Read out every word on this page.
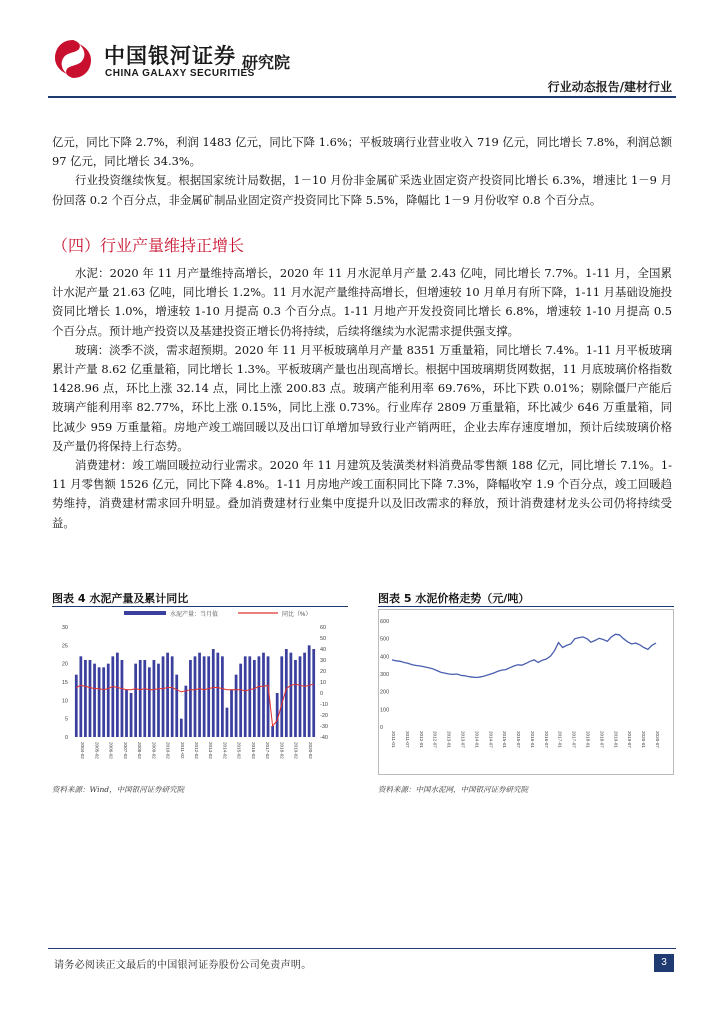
中国银河证券
CHINA GALAXY SECURITIES
研究院
行业动态报告/建材行业

亿元，同比下降 2.7%，利润 1483 亿元，同比下降 1.6%；平板玻璃行业营业收入 719 亿元，同比增长 7.8%，利润总额 97 亿元，同比增长 34.3%。

行业投资继续恢复。根据国家统计局数据，1－10 月份非金属矿采选业固定资产投资同比增长 6.3%，增速比 1－9 月份回落 0.2 个百分点，非金属矿制品业固定资产投资同比下降 5.5%，降幅比 1－9 月份收窄 0.8 个百分点。

（四）行业产量维持正增长

水泥：2020 年 11 月产量维持高增长，2020 年 11 月水泥单月产量 2.43 亿吨，同比增长 7.7%。1-11 月，全国累计水泥产量 21.63 亿吨，同比增长 1.2%。11 月水泥产量维持高增长，但增速较 10 月单月有所下降，1-11 月基础设施投资同比增长 1.0%，增速较 1-10 月提高 0.3 个百分点。1-11 月地产开发投资同比增长 6.8%，增速较 1-10 月提高 0.5 个百分点。预计地产投资以及基建投资正增长仍将持续，后续将继续为水泥需求提供强支撑。

玻璃：淡季不淡，需求超预期。2020 年 11 月平板玻璃单月产量 8351 万重量箱，同比增长 7.4%。1-11 月平板玻璃累计产量 8.62 亿重量箱，同比增长 1.3%。平板玻璃产量也出现高增长。根据中国玻璃期货网数据，11 月底玻璃价格指数 1428.96 点，环比上涨 32.14 点，同比上涨 200.83 点。玻璃产能利用率 69.76%，环比下跌 0.01%；剔除僵尸产能后玻璃产能利用率 82.77%，环比上涨 0.15%，同比上涨 0.73%。行业库存 2809 万重量箱，环比减少 646 万重量箱，同比减少 959 万重量箱。房地产竣工端回暖以及出口订单增加导致行业产销两旺，企业去库存速度增加，预计后续玻璃价格及产量仍将保持上行态势。

消费建材：竣工端回暖拉动行业需求。2020 年 11 月建筑及装潢类材料消费品零售额 188 亿元，同比增长 7.1%。1-11 月零售额 1526 亿元，同比下降 4.8%。1-11 月房地产竣工面积同比下降 7.3%，降幅收窄 1.9 个百分点，竣工回暖趋势维持，消费建材需求回升明显。叠加消费建材行业集中度提升以及旧改需求的释放，预计消费建材龙头公司仍将持续受益。

图表 4 水泥产量及累计同比
水泥产量：当月值	同比（%）
30
25
20
15
10
5
0
60
50
40
30
20
10
0
-10
-20
-30
-40
2004-02 2005-02 2006-02 2007-02 2008-02 2009-02 2010-02 2011-02 2012-02 2013-02 2014-02 2015-02 2016-02 2017-02 2018-02 2019-02 2020-02
资料来源：Wind，中国银河证券研究院
图表 5 水泥价格走势（元/吨）
600
500
400
300
200
100
0
2011-01 2011-07 2012-01 2012-07 2013-01 2013-07 2014-01 2014-07 2015-01 2015-07 2016-01 2016-07 2017-01 2017-07 2018-01 2018-07 2019-01 2019-07 2020-01 2020-07
资料来源：中国水泥网，中国银河证券研究院
请务必阅读正文最后的中国银河证券股份公司免责声明。	3
